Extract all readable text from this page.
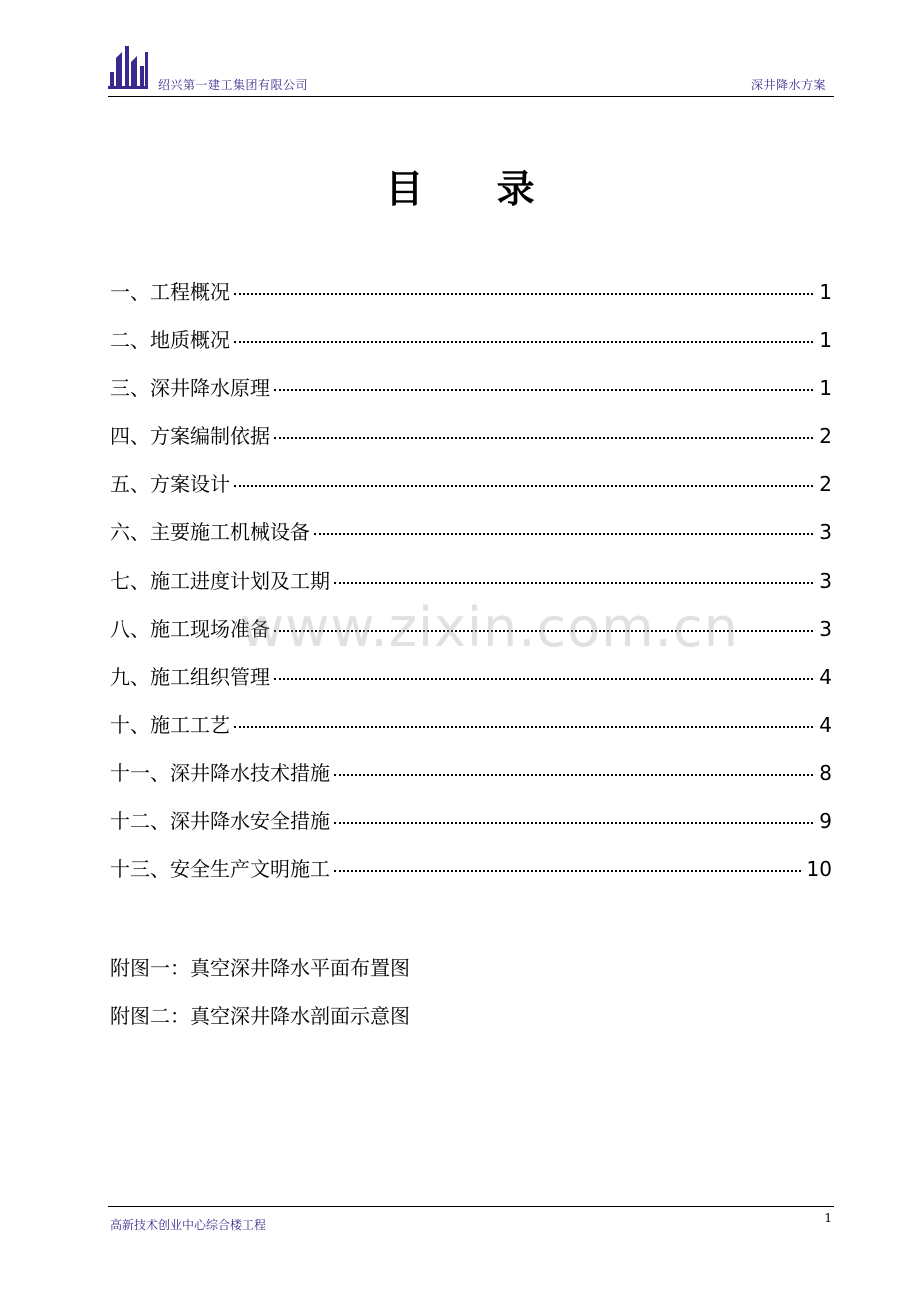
绍兴第一建工集团有限公司	深井降水方案
目 录
一、工程概况	1
二、地质概况	1
三、深井降水原理	1
四、方案编制依据	2
五、方案设计	2
六、主要施工机械设备	3
七、施工进度计划及工期	3
八、施工现场准备	3
九、施工组织管理	4
十、施工工艺	4
十一、深井降水技术措施	8
十二、深井降水安全措施	9
十三、安全生产文明施工	10
附图一：真空深井降水平面布置图
附图二：真空深井降水剖面示意图
www.zixin.com.cn
高新技术创业中心综合楼工程	1
